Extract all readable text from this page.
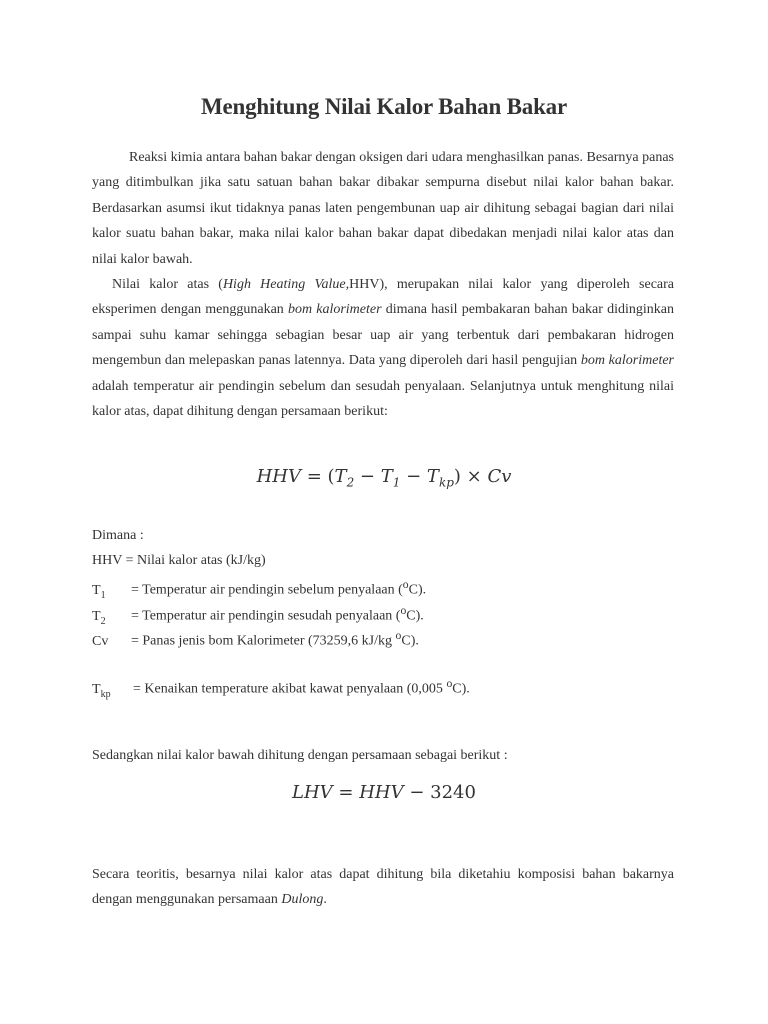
Menghitung Nilai Kalor Bahan Bakar

Reaksi kimia antara bahan bakar dengan oksigen dari udara menghasilkan panas. Besarnya panas yang ditimbulkan jika satu satuan bahan bakar dibakar sempurna disebut nilai kalor bahan bakar. Berdasarkan asumsi ikut tidaknya panas laten pengembunan uap air dihitung sebagai bagian dari nilai kalor suatu bahan bakar, maka nilai kalor bahan bakar dapat dibedakan menjadi nilai kalor atas dan nilai kalor bawah.

Nilai kalor atas (High Heating Value,HHV), merupakan nilai kalor yang diperoleh secara eksperimen dengan menggunakan bom kalorimeter dimana hasil pembakaran bahan bakar didinginkan sampai suhu kamar sehingga sebagian besar uap air yang terbentuk dari pembakaran hidrogen mengembun dan melepaskan panas latennya. Data yang diperoleh dari hasil pengujian bom kalorimeter adalah temperatur air pendingin sebelum dan sesudah penyalaan. Selanjutnya untuk menghitung nilai kalor atas, dapat dihitung dengan persamaan berikut:

HHV = $(T_2 - T_1 - T_{kp}) \times Cv$
Dimana :
HHV = Nilai kalor atas (kJ/kg)
$T_1$ = Temperatur air pendingin sebelum penyalaan ($^o$C).
$T_2$ = Temperatur air pendingin sesudah penyalaan ($^o$C).
Cv = Panas jenis bom Kalorimeter (73259,6 kJ/kg $^o$C).
$T_{kp}$ = Kenaikan temperature akibat kawat penyalaan (0,005 $^o$C).
Sedangkan nilai kalor bawah dihitung dengan persamaan sebagai berikut :
LHV = HHV − 3240

Secara teoritis, besarnya nilai kalor atas dapat dihitung bila diketahiu komposisi bahan bakarnya dengan menggunakan persamaan Dulong.
